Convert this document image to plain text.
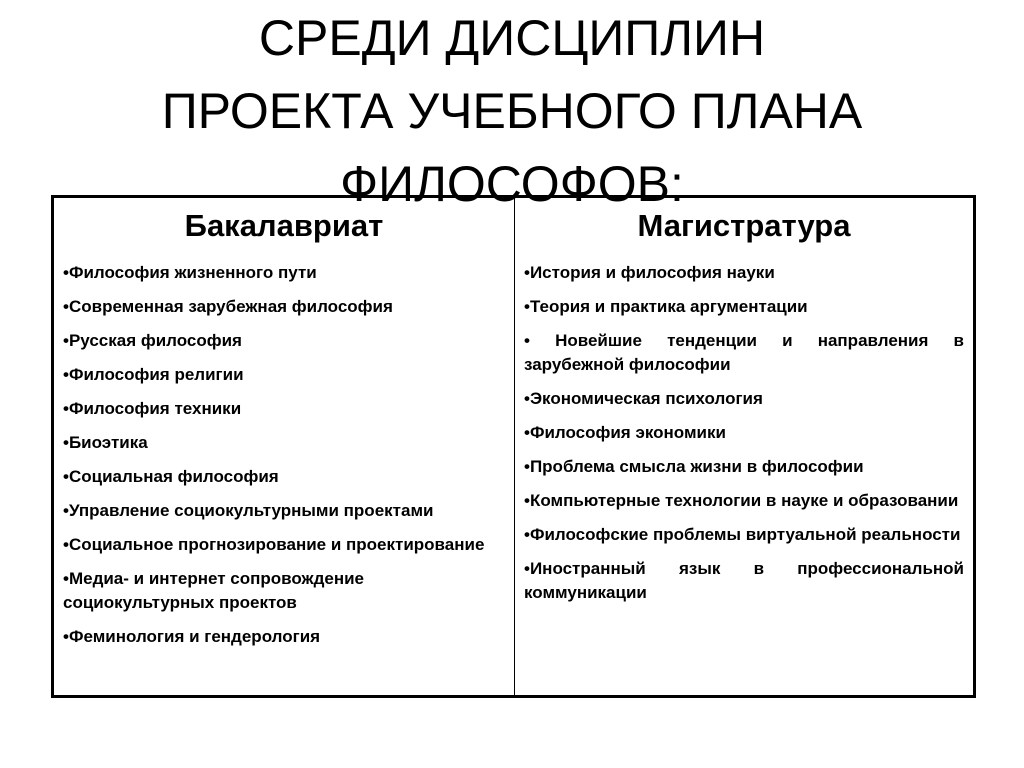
СРЕДИ ДИСЦИПЛИН
ПРОЕКТА УЧЕБНОГО ПЛАНА
ФИЛОСОФОВ:
Бакалавриат
•Философия жизненного пути
•Современная зарубежная философия
•Русская философия
•Философия религии
•Философия техники
•Биоэтика
•Социальная философия
•Управление социокультурными проектами
•Социальное прогнозирование и проектирование
•Медиа- и интернет сопровождение социокультурных проектов
•Феминология и гендерология
Магистратура
•История и философия науки
•Теория и практика аргументации
• Новейшие тенденции и направления в зарубежной философии
•Экономическая психология
•Философия экономики
•Проблема смысла жизни в философии
•Компьютерные технологии в науке и образовании
•Философские проблемы виртуальной реальности
•Иностранный язык в профессиональной коммуникации
